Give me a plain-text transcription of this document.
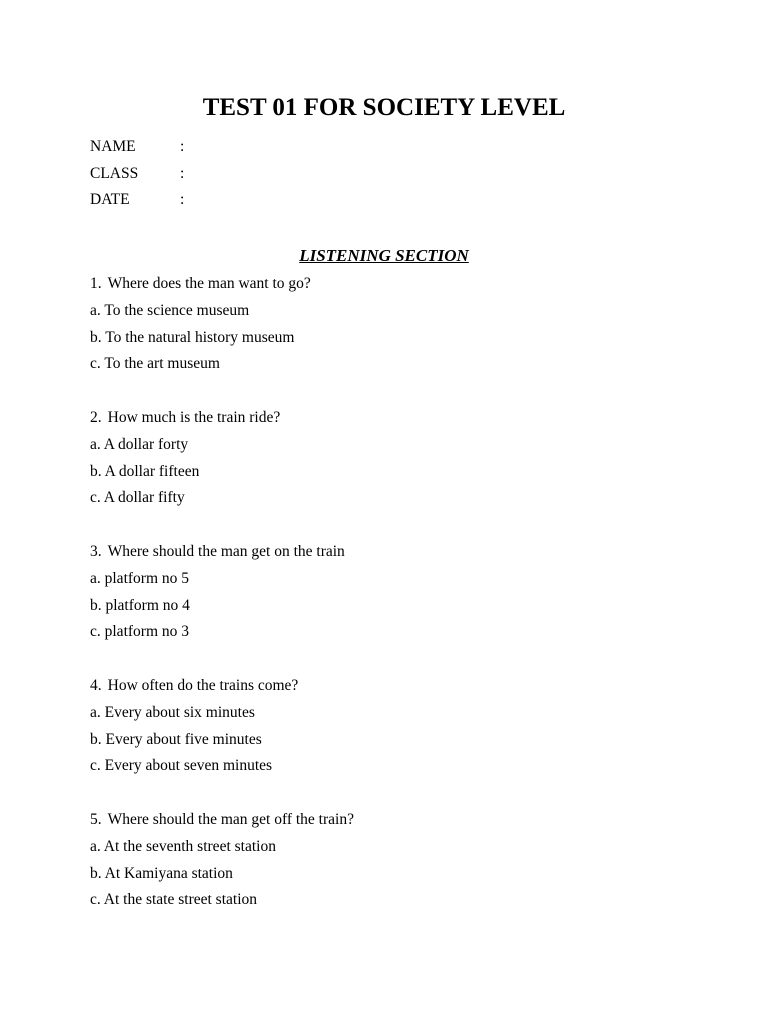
TEST 01 FOR SOCIETY LEVEL
NAME	:
CLASS	:
DATE	:
LISTENING SECTION
1. Where does the man want to go?
a. To the science museum
b. To the natural history museum
c. To the art museum
2. How much is the train ride?
a. A dollar forty
b. A dollar fifteen
c. A dollar fifty
3. Where should the man get on the train
a. platform no 5
b. platform no 4
c. platform no 3
4. How often do the trains come?
a. Every about six minutes
b. Every about five minutes
c. Every about seven minutes
5. Where should the man get off the train?
a. At the seventh street station
b. At Kamiyana station
c. At the state street station
